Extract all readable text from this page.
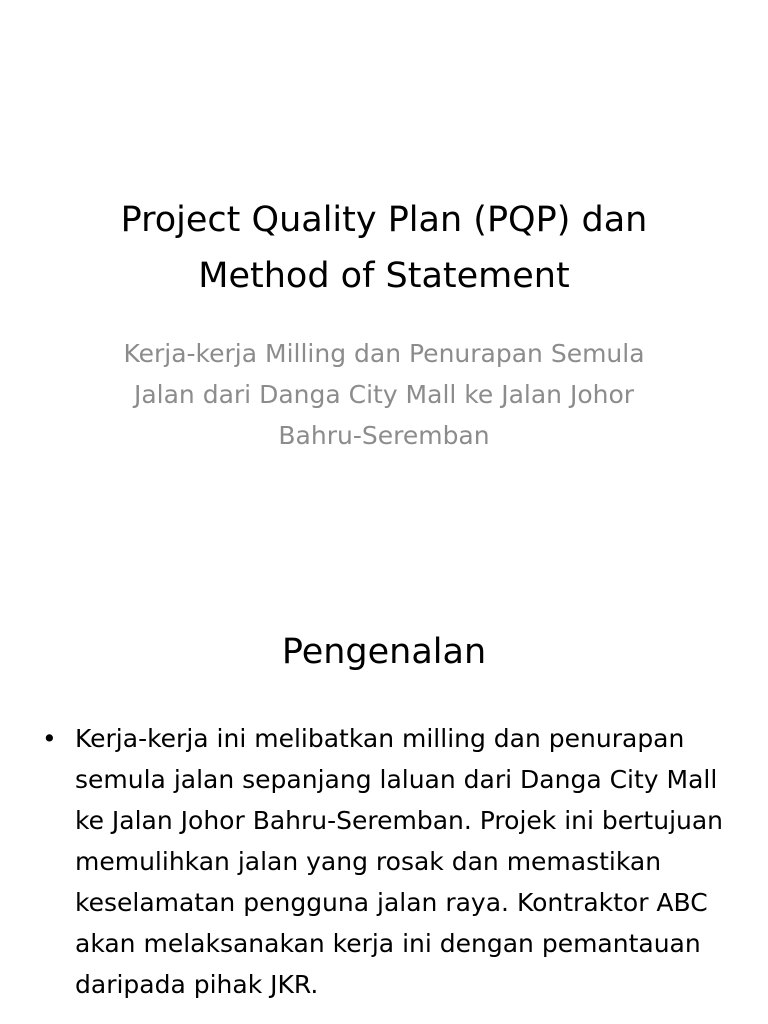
Project Quality Plan (PQP) dan Method of Statement

Kerja-kerja Milling dan Penurapan Semula Jalan dari Danga City Mall ke Jalan Johor Bahru-Seremban

Pengenalan
• Kerja-kerja ini melibatkan milling dan penurapan semula jalan sepanjang laluan dari Danga City Mall ke Jalan Johor Bahru-Seremban. Projek ini bertujuan memulihkan jalan yang rosak dan memastikan keselamatan pengguna jalan raya. Kontraktor ABC akan melaksanakan kerja ini dengan pemantauan daripada pihak JKR.
